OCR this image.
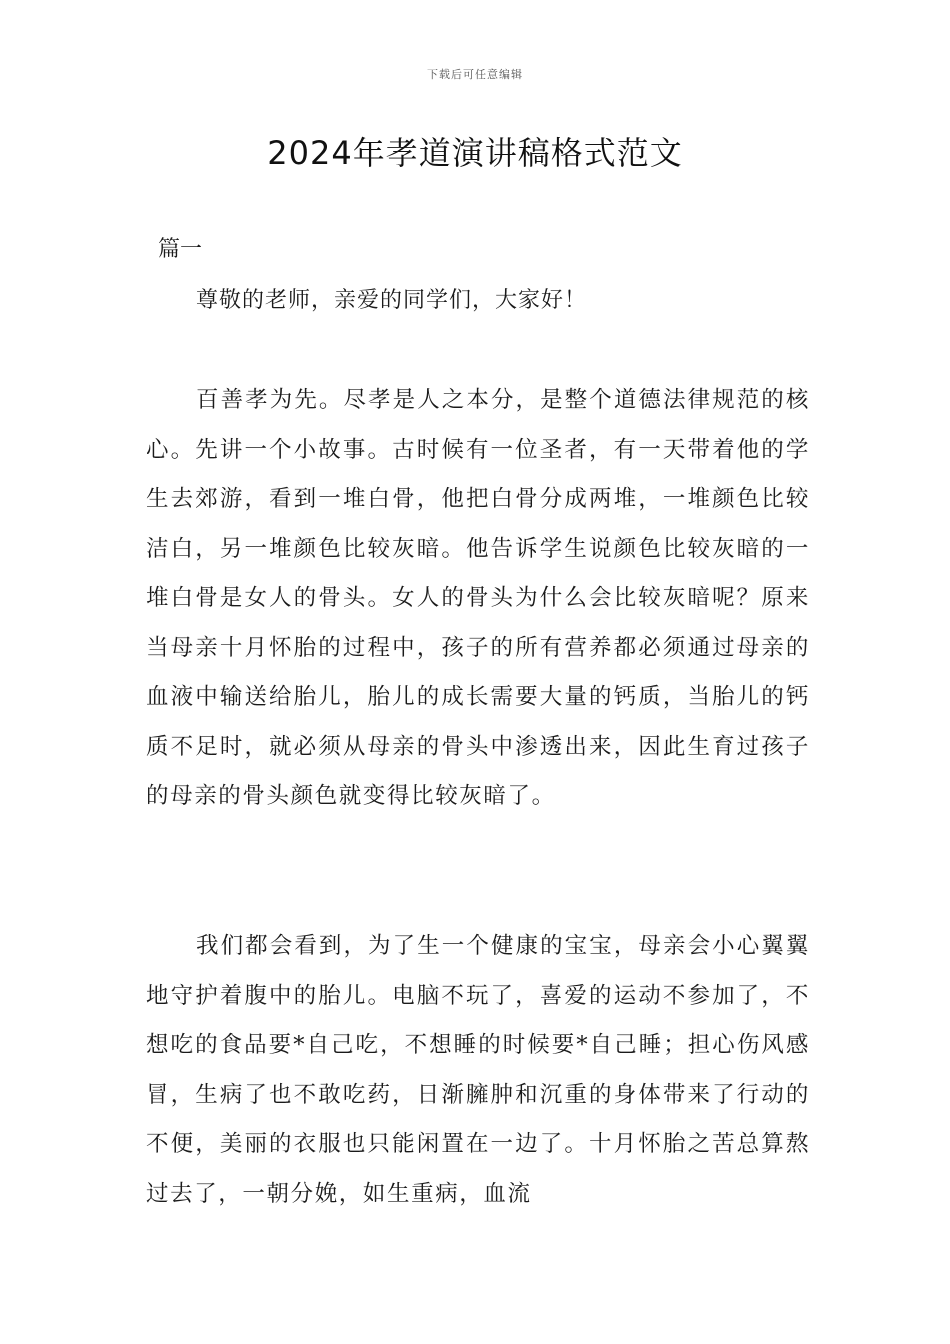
下载后可任意编辑
2024年孝道演讲稿格式范文
篇一
尊敬的老师，亲爱的同学们，大家好！

百善孝为先。尽孝是人之本分，是整个道德法律规范的核心。先讲一个小故事。古时候有一位圣者，有一天带着他的学生去郊游，看到一堆白骨，他把白骨分成两堆，一堆颜色比较洁白，另一堆颜色比较灰暗。他告诉学生说颜色比较灰暗的一堆白骨是女人的骨头。女人的骨头为什么会比较灰暗呢？原来当母亲十月怀胎的过程中，孩子的所有营养都必须通过母亲的血液中输送给胎儿，胎儿的成长需要大量的钙质，当胎儿的钙质不足时，就必须从母亲的骨头中渗透出来，因此生育过孩子的母亲的骨头颜色就变得比较灰暗了。

我们都会看到，为了生一个健康的宝宝，母亲会小心翼翼地守护着腹中的胎儿。电脑不玩了，喜爱的运动不参加了，不想吃的食品要*自己吃，不想睡的时候要*自己睡；担心伤风感冒，生病了也不敢吃药，日渐臃肿和沉重的身体带来了行动的不便，美丽的衣服也只能闲置在一边了。十月怀胎之苦总算熬过去了，一朝分娩，如生重病，血流
